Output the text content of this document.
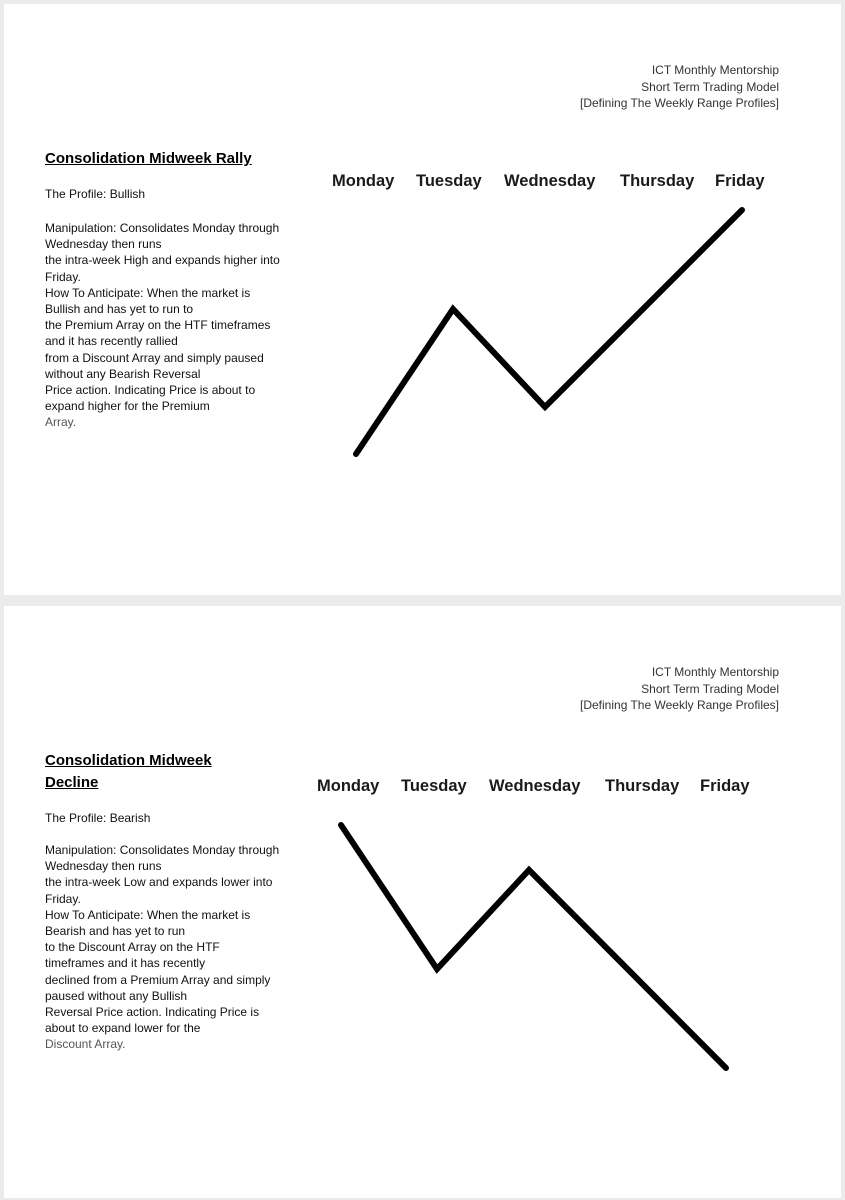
ICT Monthly Mentorship
Short Term Trading Model
[Defining The Weekly Range Profiles]
Consolidation Midweek Rally
The Profile: Bullish
Manipulation: Consolidates Monday through
Wednesday then runs
the intra-week High and expands higher into
Friday.
How To Anticipate: When the market is
Bullish and has yet to run to
the Premium Array on the HTF timeframes
and it has recently rallied
from a Discount Array and simply paused
without any Bearish Reversal
Price action. Indicating Price is about to
expand higher for the Premium
Array.
Monday Tuesday Wednesday Thursday Friday
ICT Monthly Mentorship
Short Term Trading Model
[Defining The Weekly Range Profiles]
Consolidation Midweek Decline
The Profile: Bearish
Manipulation: Consolidates Monday through
Wednesday then runs
the intra-week Low and expands lower into
Friday.
How To Anticipate: When the market is
Bearish and has yet to run
to the Discount Array on the HTF
timeframes and it has recently
declined from a Premium Array and simply
paused without any Bullish
Reversal Price action. Indicating Price is
about to expand lower for the
Discount Array.
Monday Tuesday Wednesday Thursday Friday
